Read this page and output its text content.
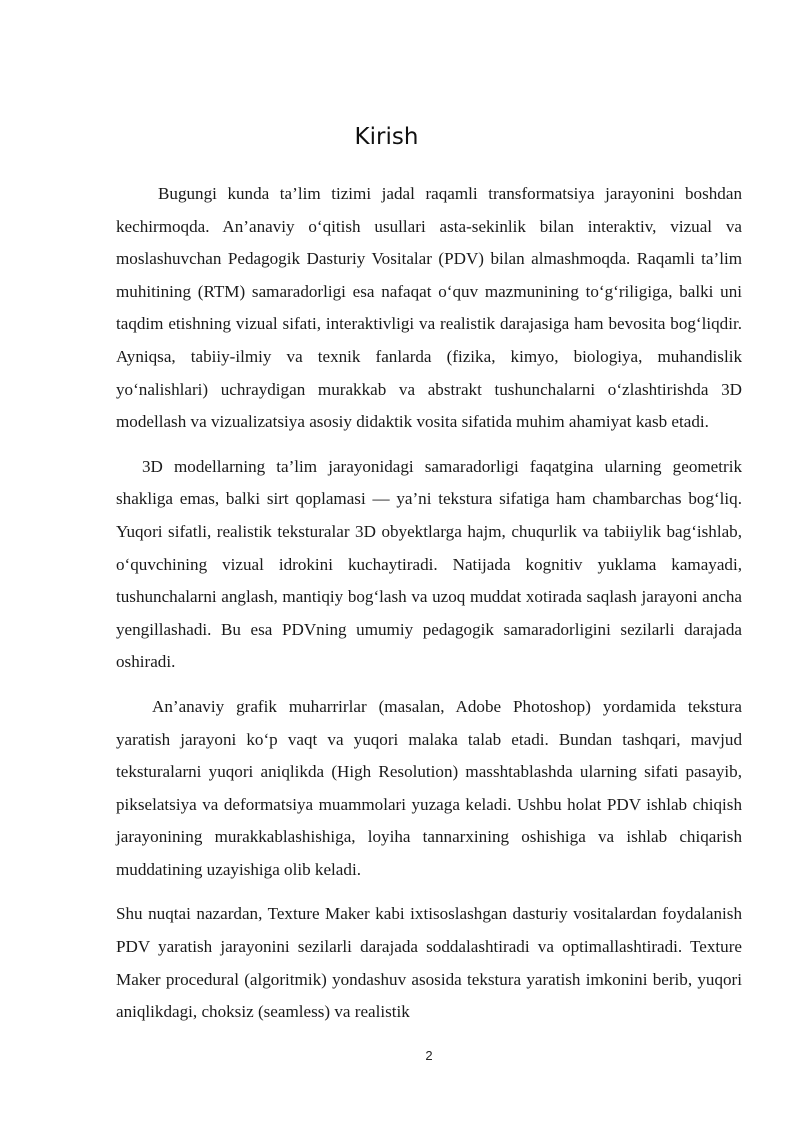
Kirish

Bugungi kunda ta’lim tizimi jadal raqamli transformatsiya jarayonini boshdan kechirmoqda. An’anaviy o‘qitish usullari asta-sekinlik bilan interaktiv, vizual va moslashuvchan Pedagogik Dasturiy Vositalar (PDV) bilan almashmoqda. Raqamli ta’lim muhitining (RTM) samaradorligi esa nafaqat o‘quv mazmunining to‘g‘riligiga, balki uni taqdim etishning vizual sifati, interaktivligi va realistik darajasiga ham bevosita bog‘liqdir. Ayniqsa, tabiiy-ilmiy va texnik fanlarda (fizika, kimyo, biologiya, muhandislik yo‘nalishlari) uchraydigan murakkab va abstrakt tushunchalarni o‘zlashtirishda 3D modellash va vizualizatsiya asosiy didaktik vosita sifatida muhim ahamiyat kasb etadi.

3D modellarning ta’lim jarayonidagi samaradorligi faqatgina ularning geometrik shakliga emas, balki sirt qoplamasi — ya’ni tekstura sifatiga ham chambarchas bog‘liq. Yuqori sifatli, realistik teksturalar 3D obyektlarga hajm, chuqurlik va tabiiylik bag‘ishlab, o‘quvchining vizual idrokini kuchaytiradi. Natijada kognitiv yuklama kamayadi, tushunchalarni anglash, mantiqiy bog‘lash va uzoq muddat xotirada saqlash jarayoni ancha yengillashadi. Bu esa PDVning umumiy pedagogik samaradorligini sezilarli darajada oshiradi.

An’anaviy grafik muharrirlar (masalan, Adobe Photoshop) yordamida tekstura yaratish jarayoni ko‘p vaqt va yuqori malaka talab etadi. Bundan tashqari, mavjud teksturalarni yuqori aniqlikda (High Resolution) masshtablashda ularning sifati pasayib, pikselatsiya va deformatsiya muammolari yuzaga keladi. Ushbu holat PDV ishlab chiqish jarayonining murakkablashishiga, loyiha tannarxining oshishiga va ishlab chiqarish muddatining uzayishiga olib keladi.

Shu nuqtai nazardan, Texture Maker kabi ixtisoslashgan dasturiy vositalardan foydalanish PDV yaratish jarayonini sezilarli darajada soddalashtiradi va optimallashtiradi. Texture Maker procedural (algoritmik) yondashuv asosida tekstura yaratish imkonini berib, yuqori aniqlikdagi, choksiz (seamless) va realistik

2
